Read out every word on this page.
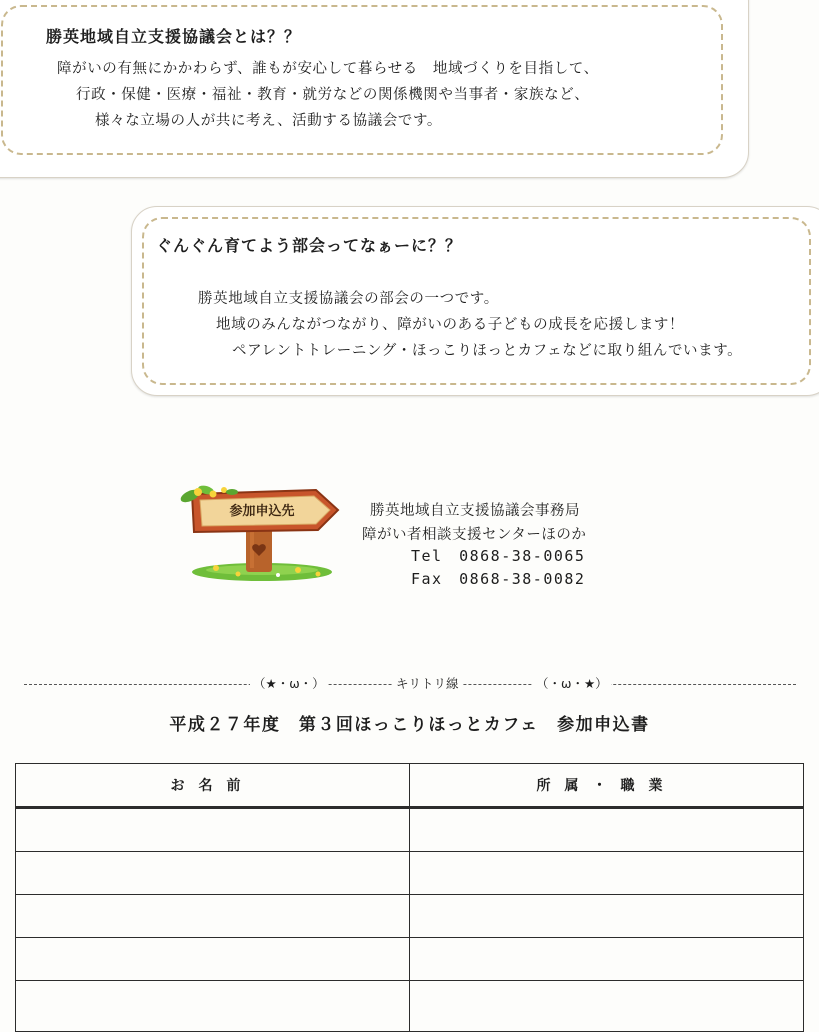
勝英地域自立支援協議会とは？？
障がいの有無にかかわらず、誰もが安心して暮らせる　地域づくりを目指して、
行政・保健・医療・福祉・教育・就労などの関係機関や当事者・家族など、
様々な立場の人が共に考え、活動する協議会です。
ぐんぐん育てよう部会ってなぁーに？？
勝英地域自立支援協議会の部会の一つです。
地域のみんながつながり、障がいのある子どもの成長を応援します！
ペアレントトレーニング・ほっこりほっとカフェなどに取り組んでいます。
参加申込先	勝英地域自立支援協議会事務局
障がい者相談支援センターほのか
Tel　0868-38-0065
Fax　0868-38-0082
（★・ω・）	キリトリ線	（・ω・★）
平成２７年度　第３回ほっこりほっとカフェ　参加申込書
お名前	所属・職業
